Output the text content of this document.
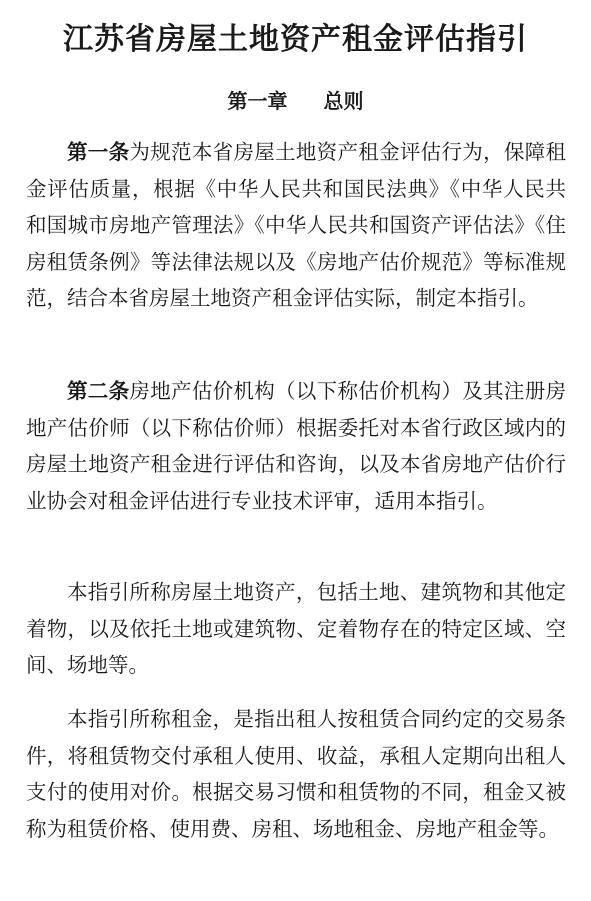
江苏省房屋土地资产租金评估指引
第一章 总则

第一条为规范本省房屋土地资产租金评估行为，保障租金评估质量，根据《中华人民共和国民法典》《中华人民共和国城市房地产管理法》《中华人民共和国资产评估法》《住房租赁条例》等法律法规以及《房地产估价规范》等标准规范，结合本省房屋土地资产租金评估实际，制定本指引。

第二条房地产估价机构（以下称估价机构）及其注册房地产估价师（以下称估价师）根据委托对本省行政区域内的房屋土地资产租金进行评估和咨询，以及本省房地产估价行业协会对租金评估进行专业技术评审，适用本指引。

本指引所称房屋土地资产，包括土地、建筑物和其他定着物，以及依托土地或建筑物、定着物存在的特定区域、空间、场地等。

本指引所称租金，是指出租人按租赁合同约定的交易条件，将租赁物交付承租人使用、收益，承租人定期向出租人支付的使用对价。根据交易习惯和租赁物的不同，租金又被称为租赁价格、使用费、房租、场地租金、房地产租金等。
